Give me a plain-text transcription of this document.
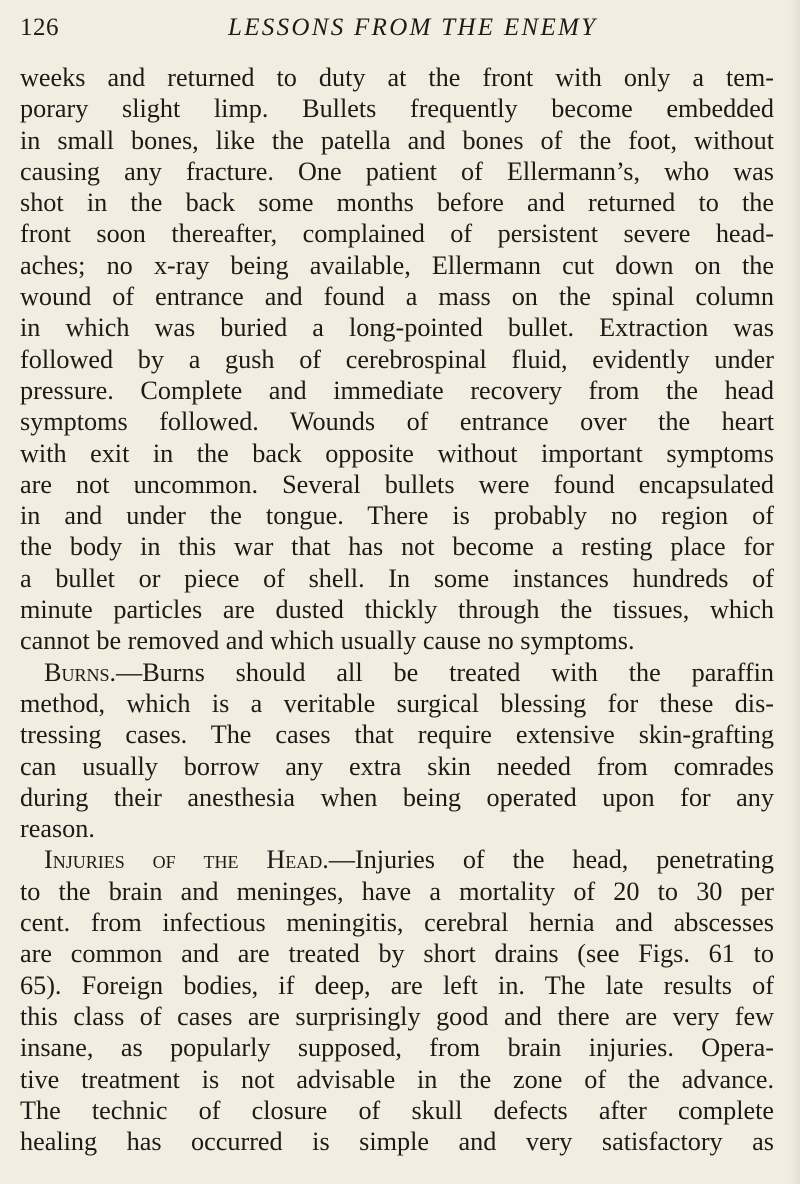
126	LESSONS FROM THE ENEMY
weeks and returned to duty at the front with only a tem-
porary slight limp. Bullets frequently become embedded
in small bones, like the patella and bones of the foot, without
causing any fracture. One patient of Ellermann’s, who was
shot in the back some months before and returned to the
front soon thereafter, complained of persistent severe head-
aches; no x-ray being available, Ellermann cut down on the
wound of entrance and found a mass on the spinal column
in which was buried a long-pointed bullet. Extraction was
followed by a gush of cerebrospinal fluid, evidently under
pressure. Complete and immediate recovery from the head
symptoms followed. Wounds of entrance over the heart
with exit in the back opposite without important symptoms
are not uncommon. Several bullets were found encapsulated
in and under the tongue. There is probably no region of
the body in this war that has not become a resting place for
a bullet or piece of shell. In some instances hundreds of
minute particles are dusted thickly through the tissues, which
cannot be removed and which usually cause no symptoms.
Burns.—Burns should all be treated with the paraffin
method, which is a veritable surgical blessing for these dis-
tressing cases. The cases that require extensive skin-grafting
can usually borrow any extra skin needed from comrades
during their anesthesia when being operated upon for any
reason.
Injuries of the Head.—Injuries of the head, penetrating
to the brain and meninges, have a mortality of 20 to 30 per
cent. from infectious meningitis, cerebral hernia and abscesses
are common and are treated by short drains (see Figs. 61 to
65). Foreign bodies, if deep, are left in. The late results of
this class of cases are surprisingly good and there are very few
insane, as popularly supposed, from brain injuries. Opera-
tive treatment is not advisable in the zone of the advance.
The technic of closure of skull defects after complete
healing has occurred is simple and very satisfactory as
